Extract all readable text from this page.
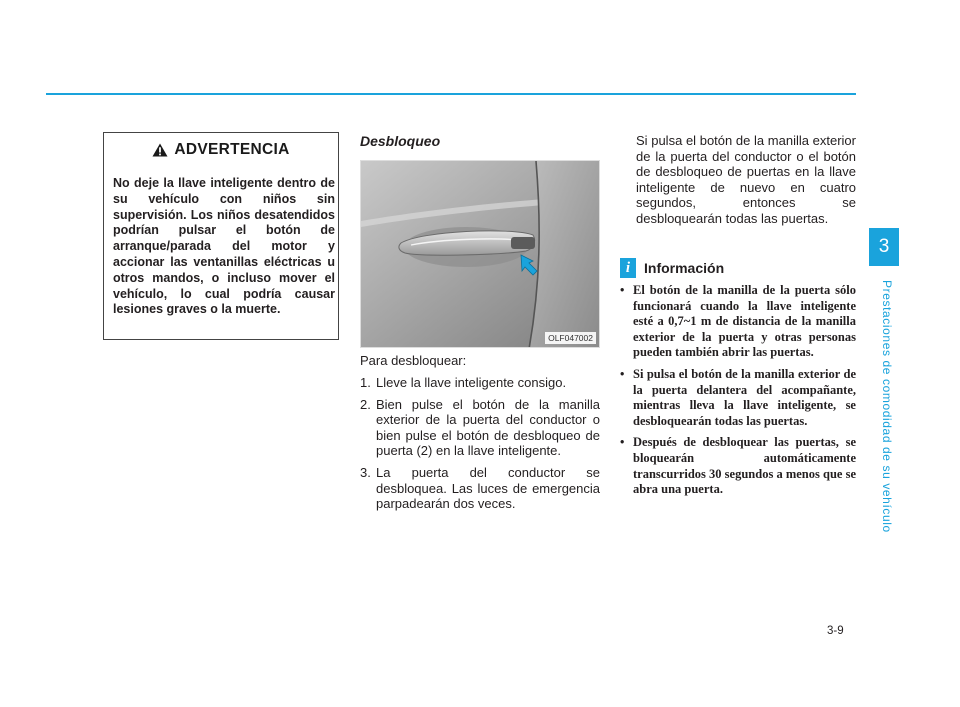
ADVERTENCIA
No deje la llave inteligente dentro de su vehículo con niños sin supervisión. Los niños desatendidos podrían pulsar el botón de arranque/parada del motor y accionar las ventanillas eléctricas u otros mandos, o incluso mover el vehículo, lo cual podría causar lesiones graves o la muerte.
Desbloqueo
OLF047002
Para desbloquear:
1. Lleve la llave inteligente consigo.
2. Bien pulse el botón de la manilla exterior de la puerta del conductor o bien pulse el botón de desbloqueo de puerta (2) en la llave inteligente.
3. La puerta del conductor se desbloquea. Las luces de emergencia parpadearán dos veces.
Si pulsa el botón de la manilla exterior de la puerta del conductor o el botón de desbloqueo de puertas en la llave inteligente de nuevo en cuatro segundos, entonces se desbloquearán todas las puertas.
i Información
• El botón de la manilla de la puerta sólo funcionará cuando la llave inteligente esté a 0,7~1 m de distancia de la manilla exterior de la puerta y otras personas pueden también abrir las puertas.
• Si pulsa el botón de la manilla exterior de la puerta delantera del acompañante, mientras lleva la llave inteligente, se desbloquearán todas las puertas.
• Después de desbloquear las puertas, se bloquearán automáticamente transcurridos 30 segundos a menos que se abra una puerta.
3
Prestaciones de comodidad de su vehículo
3-9
